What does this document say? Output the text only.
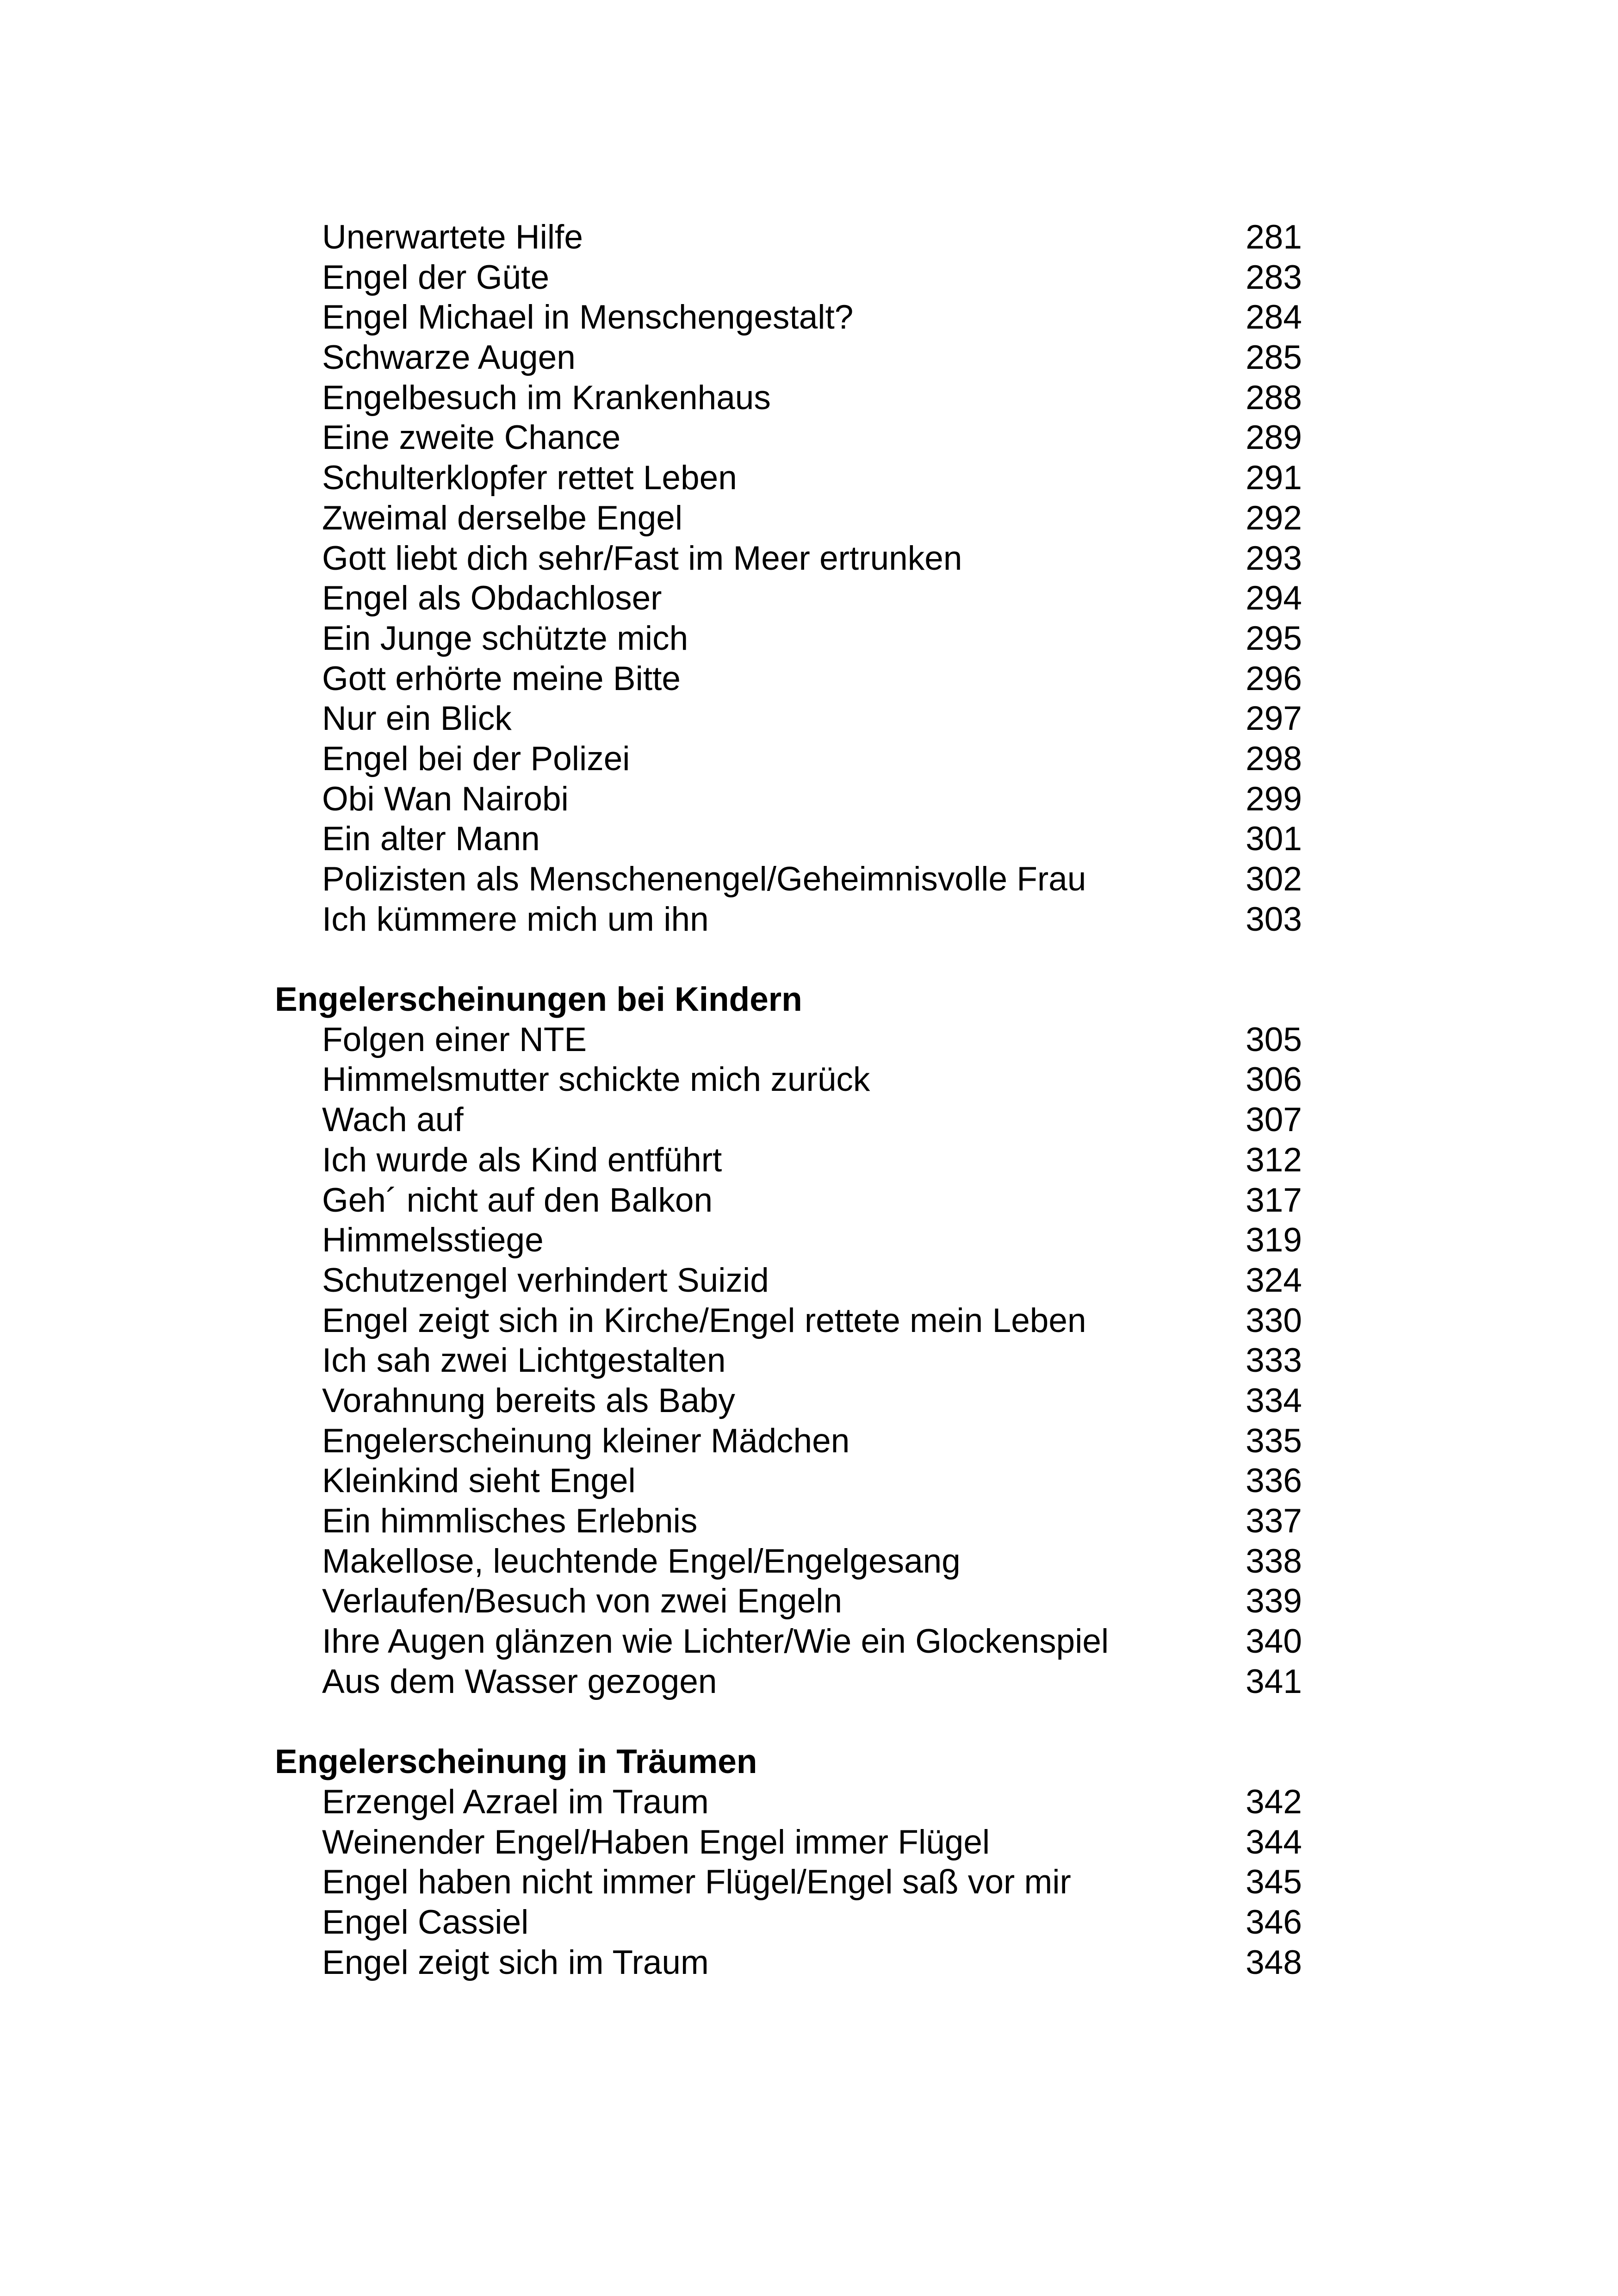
Unerwartete Hilfe	281
Engel der Güte	283
Engel Michael in Menschengestalt?	284
Schwarze Augen	285
Engelbesuch im Krankenhaus	288
Eine zweite Chance	289
Schulterklopfer rettet Leben	291
Zweimal derselbe Engel	292
Gott liebt dich sehr/Fast im Meer ertrunken	293
Engel als Obdachloser	294
Ein Junge schützte mich	295
Gott erhörte meine Bitte	296
Nur ein Blick	297
Engel bei der Polizei	298
Obi Wan Nairobi	299
Ein alter Mann	301
Polizisten als Menschenengel/Geheimnisvolle Frau	302
Ich kümmere mich um ihn	303
Engelerscheinungen bei Kindern
Folgen einer NTE	305
Himmelsmutter schickte mich zurück	306
Wach auf	307
Ich wurde als Kind entführt	312
Geh´ nicht auf den Balkon	317
Himmelsstiege	319
Schutzengel verhindert Suizid	324
Engel zeigt sich in Kirche/Engel rettete mein Leben	330
Ich sah zwei Lichtgestalten	333
Vorahnung bereits als Baby	334
Engelerscheinung kleiner Mädchen	335
Kleinkind sieht Engel	336
Ein himmlisches Erlebnis	337
Makellose, leuchtende Engel/Engelgesang	338
Verlaufen/Besuch von zwei Engeln	339
Ihre Augen glänzen wie Lichter/Wie ein Glockenspiel	340
Aus dem Wasser gezogen	341
Engelerscheinung in Träumen
Erzengel Azrael im Traum	342
Weinender Engel/Haben Engel immer Flügel	344
Engel haben nicht immer Flügel/Engel saß vor mir	345
Engel Cassiel	346
Engel zeigt sich im Traum	348
